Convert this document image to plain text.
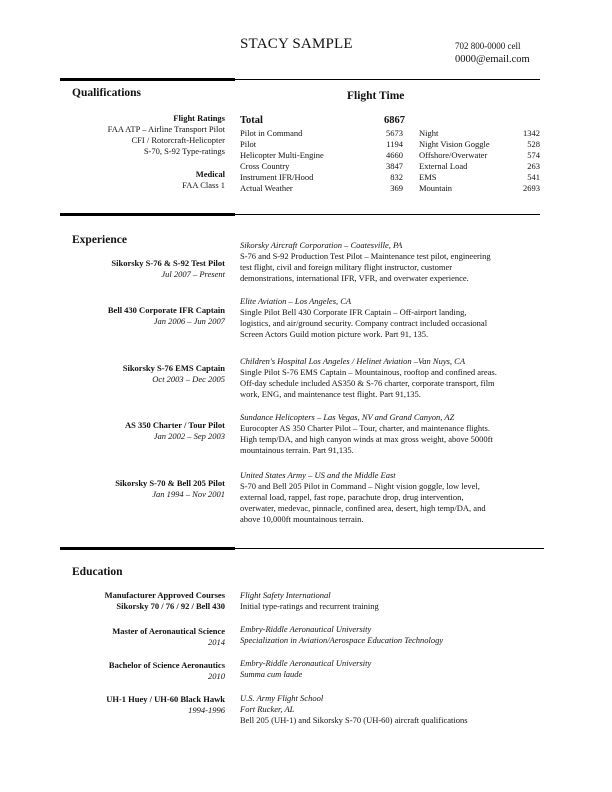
STACY SAMPLE	702 800-0000 cell
0000@email.com
Qualifications
Flight Ratings
FAA ATP – Airline Transport Pilot
CFI / Rotorcraft-Helicopter
S-70, S-92 Type-ratings
Medical
FAA Class 1
Flight Time
Total	6867
Pilot in Command	5673
Pilot	1194
Helicopter Multi-Engine	4660
Cross Country	3847
Instrument IFR/Hood	832
Actual Weather	369
Night	1342
Night Vision Goggle	528
Offshore/Overwater	574
External Load	263
EMS	541
Mountain	2693
Experience
Sikorsky S-76 & S-92 Test Pilot
Jul 2007 – Present
Sikorsky Aircraft Corporation – Coatesville, PA
S-76 and S-92 Production Test Pilot – Maintenance test pilot, engineering
test flight, civil and foreign military flight instructor, customer
demonstrations, international IFR, VFR, and overwater experience.
Bell 430 Corporate IFR Captain
Jan 2006 – Jun 2007
Elite Aviation – Los Angeles, CA
Single Pilot Bell 430 Corporate IFR Captain – Off-airport landing,
logistics, and air/ground security. Company contract included occasional
Screen Actors Guild motion picture work. Part 91, 135.
Sikorsky S-76 EMS Captain
Oct 2003 – Dec 2005
Children's Hospital Los Angeles / Helinet Aviation –Van Nuys, CA
Single Pilot S-76 EMS Captain – Mountainous, rooftop and confined areas.
Off-day schedule included AS350 & S-76 charter, corporate transport, film
work, ENG, and maintenance test flight. Part 91,135.
AS 350 Charter / Tour Pilot
Jan 2002 – Sep 2003
Sundance Helicopters – Las Vegas, NV and Grand Canyon, AZ
Eurocopter AS 350 Charter Pilot – Tour, charter, and maintenance flights.
High temp/DA, and high canyon winds at max gross weight, above 5000ft
mountainous terrain. Part 91,135.
Sikorsky S-70 & Bell 205 Pilot
Jan 1994 – Nov 2001
United States Army – US and the Middle East
S-70 and Bell 205 Pilot in Command – Night vision goggle, low level,
external load, rappel, fast rope, parachute drop, drug intervention,
overwater, medevac, pinnacle, confined area, desert, high temp/DA, and
above 10,000ft mountainous terrain.
Education
Manufacturer Approved Courses
Sikorsky 70 / 76 / 92 / Bell 430
Flight Safety International
Initial type-ratings and recurrent training
Master of Aeronautical Science
2014
Embry-Riddle Aeronautical University
Specialization in Aviation/Aerospace Education Technology
Bachelor of Science Aeronautics
2010
Embry-Riddle Aeronautical University
Summa cum laude
UH-1 Huey / UH-60 Black Hawk
1994-1996
U.S. Army Flight School
Fort Rucker, AL
Bell 205 (UH-1) and Sikorsky S-70 (UH-60) aircraft qualifications
